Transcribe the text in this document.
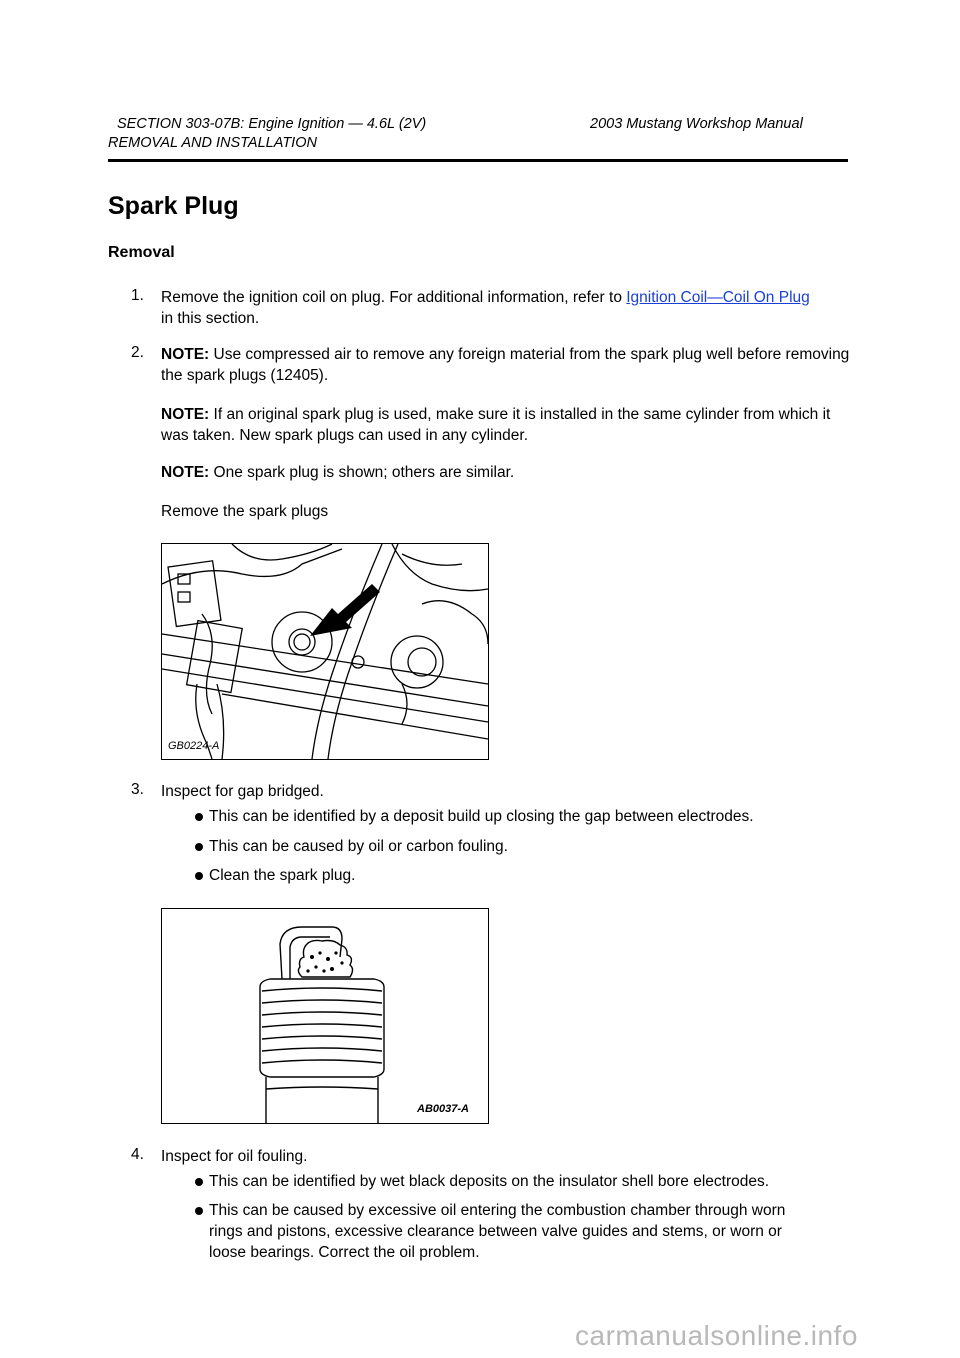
SECTION 303-07B: Engine Ignition — 4.6L (2V)	2003 Mustang Workshop Manual
REMOVAL AND INSTALLATION
Spark Plug
Removal
1. Remove the ignition coil on plug. For additional information, refer to Ignition Coil—Coil On Plug
in this section.
2. NOTE: Use compressed air to remove any foreign material from the spark plug well before removing the spark plugs (12405).
NOTE: If an original spark plug is used, make sure it is installed in the same cylinder from which it was taken. New spark plugs can used in any cylinder.
NOTE: One spark plug is shown; others are similar.
Remove the spark plugs
GB0224-A
3. Inspect for gap bridged.
This can be identified by a deposit build up closing the gap between electrodes.
This can be caused by oil or carbon fouling.
Clean the spark plug.
AB0037-A
4. Inspect for oil fouling.
This can be identified by wet black deposits on the insulator shell bore electrodes.
This can be caused by excessive oil entering the combustion chamber through worn rings and pistons, excessive clearance between valve guides and stems, or worn or loose bearings. Correct the oil problem.
carmanualsonline.info
